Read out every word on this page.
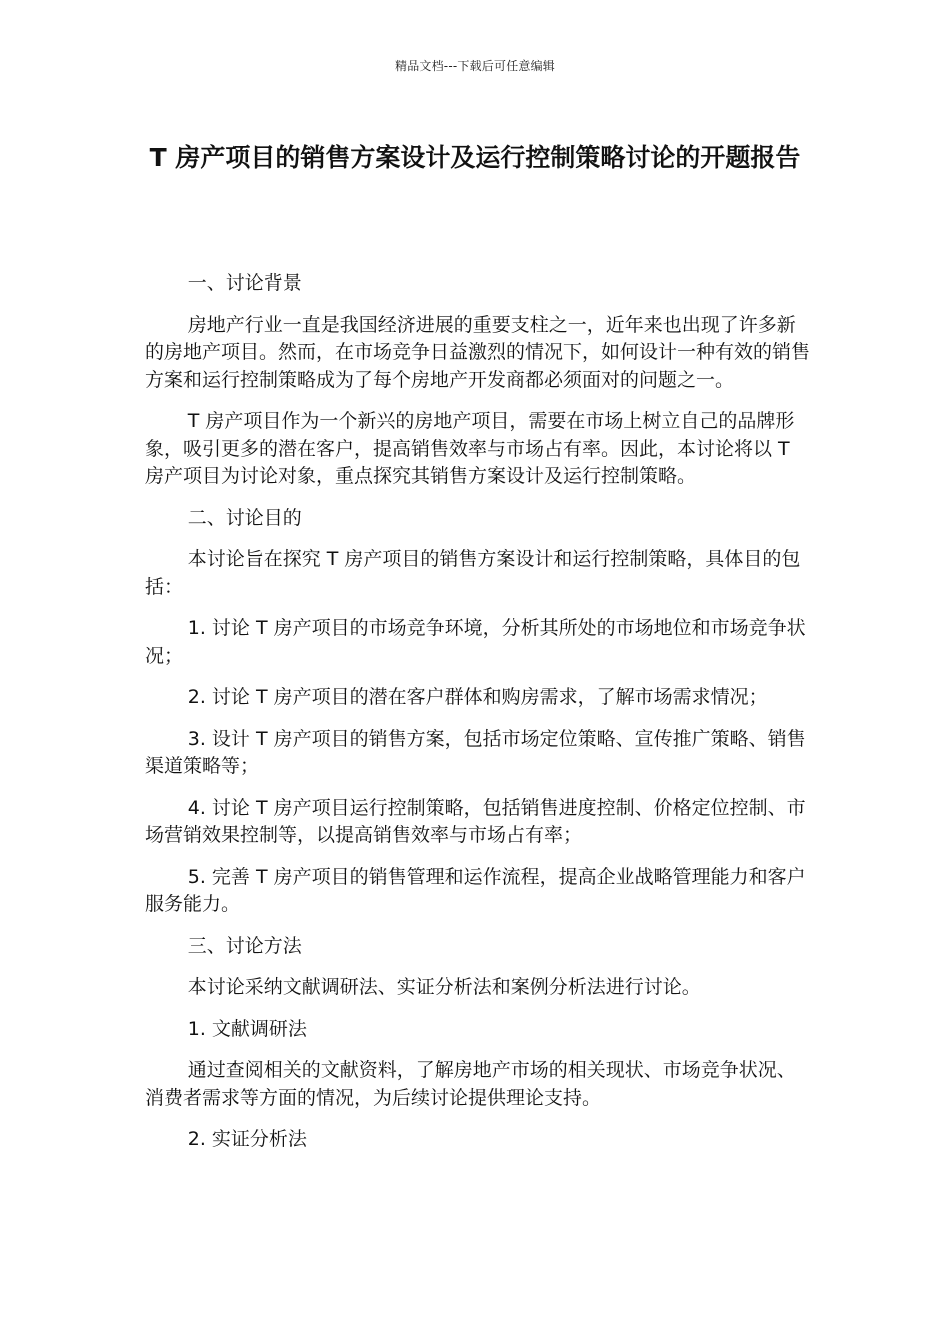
精品文档---下载后可任意编辑
T 房产项目的销售方案设计及运行控制策略讨论的开题报告

一、讨论背景

房地产行业一直是我国经济进展的重要支柱之一，近年来也出现了许多新的房地产项目。然而，在市场竞争日益激烈的情况下，如何设计一种有效的销售方案和运行控制策略成为了每个房地产开发商都必须面对的问题之一。

T 房产项目作为一个新兴的房地产项目，需要在市场上树立自己的品牌形象，吸引更多的潜在客户，提高销售效率与市场占有率。因此，本讨论将以 T 房产项目为讨论对象，重点探究其销售方案设计及运行控制策略。

二、讨论目的

本讨论旨在探究 T 房产项目的销售方案设计和运行控制策略，具体目的包括：

1. 讨论 T 房产项目的市场竞争环境，分析其所处的市场地位和市场竞争状况；

2. 讨论 T 房产项目的潜在客户群体和购房需求，了解市场需求情况；

3. 设计 T 房产项目的销售方案，包括市场定位策略、宣传推广策略、销售渠道策略等；

4. 讨论 T 房产项目运行控制策略，包括销售进度控制、价格定位控制、市场营销效果控制等，以提高销售效率与市场占有率；

5. 完善 T 房产项目的销售管理和运作流程，提高企业战略管理能力和客户服务能力。

三、讨论方法

本讨论采纳文献调研法、实证分析法和案例分析法进行讨论。

1. 文献调研法

通过查阅相关的文献资料，了解房地产市场的相关现状、市场竞争状况、消费者需求等方面的情况，为后续讨论提供理论支持。

2. 实证分析法
